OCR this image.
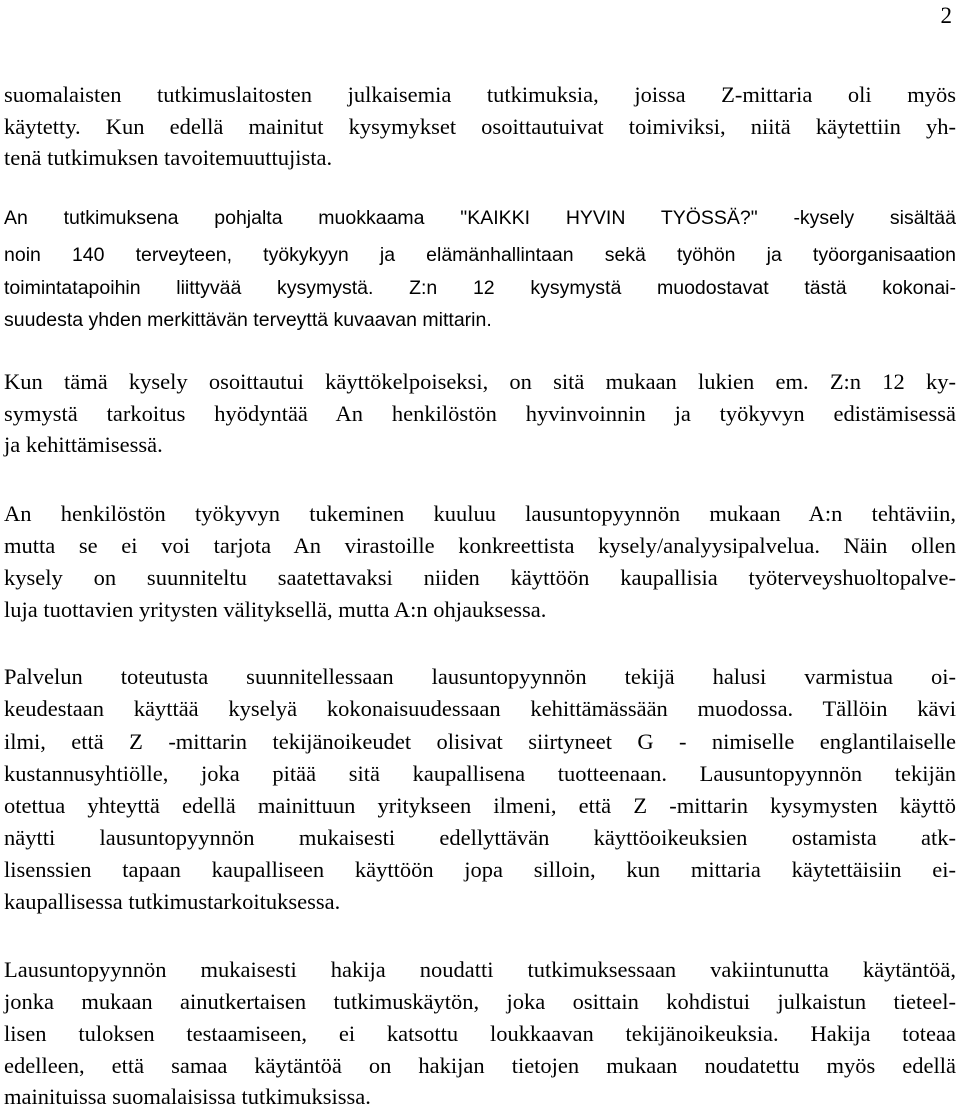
2
suomalaisten tutkimuslaitosten julkaisemia tutkimuksia, joissa Z-mittaria oli myös
käytetty. Kun edellä mainitut kysymykset osoittautuivat toimiviksi, niitä käytettiin yh-
tenä tutkimuksen tavoitemuuttujista.
An tutkimuksena pohjalta muokkaama "KAIKKI HYVIN TYÖSSÄ?" -kysely sisältää
noin 140 terveyteen, työkykyyn ja elämänhallintaan sekä työhön ja työorganisaation
toimintatapoihin liittyvää kysymystä. Z:n 12 kysymystä muodostavat tästä kokonai-
suudesta yhden merkittävän terveyttä kuvaavan mittarin.
Kun tämä kysely osoittautui käyttökelpoiseksi, on sitä mukaan lukien em. Z:n 12 ky-
symystä tarkoitus hyödyntää An henkilöstön hyvinvoinnin ja työkyvyn edistämisessä
ja kehittämisessä.
An henkilöstön työkyvyn tukeminen kuuluu lausuntopyynnön mukaan A:n tehtäviin,
mutta se ei voi tarjota An virastoille konkreettista kysely/analyysipalvelua. Näin ollen
kysely on suunniteltu saatettavaksi niiden käyttöön kaupallisia työterveyshuoltopalve-
luja tuottavien yritysten välityksellä, mutta A:n ohjauksessa.
Palvelun toteutusta suunnitellessaan lausuntopyynnön tekijä halusi varmistua oi-
keudestaan käyttää kyselyä kokonaisuudessaan kehittämässään muodossa. Tällöin kävi
ilmi, että Z -mittarin tekijänoikeudet olisivat siirtyneet G - nimiselle englantilaiselle
kustannusyhtiölle, joka pitää sitä kaupallisena tuotteenaan. Lausuntopyynnön tekijän
otettua yhteyttä edellä mainittuun yritykseen ilmeni, että Z -mittarin kysymysten käyttö
näytti lausuntopyynnön mukaisesti edellyttävän käyttöoikeuksien ostamista atk-
lisenssien tapaan kaupalliseen käyttöön jopa silloin, kun mittaria käytettäisiin ei-
kaupallisessa tutkimustarkoituksessa.
Lausuntopyynnön mukaisesti hakija noudatti tutkimuksessaan vakiintunutta käytäntöä,
jonka mukaan ainutkertaisen tutkimuskäytön, joka osittain kohdistui julkaistun tieteel-
lisen tuloksen testaamiseen, ei katsottu loukkaavan tekijänoikeuksia. Hakija toteaa
edelleen, että samaa käytäntöä on hakijan tietojen mukaan noudatettu myös edellä
mainituissa suomalaisissa tutkimuksissa.
